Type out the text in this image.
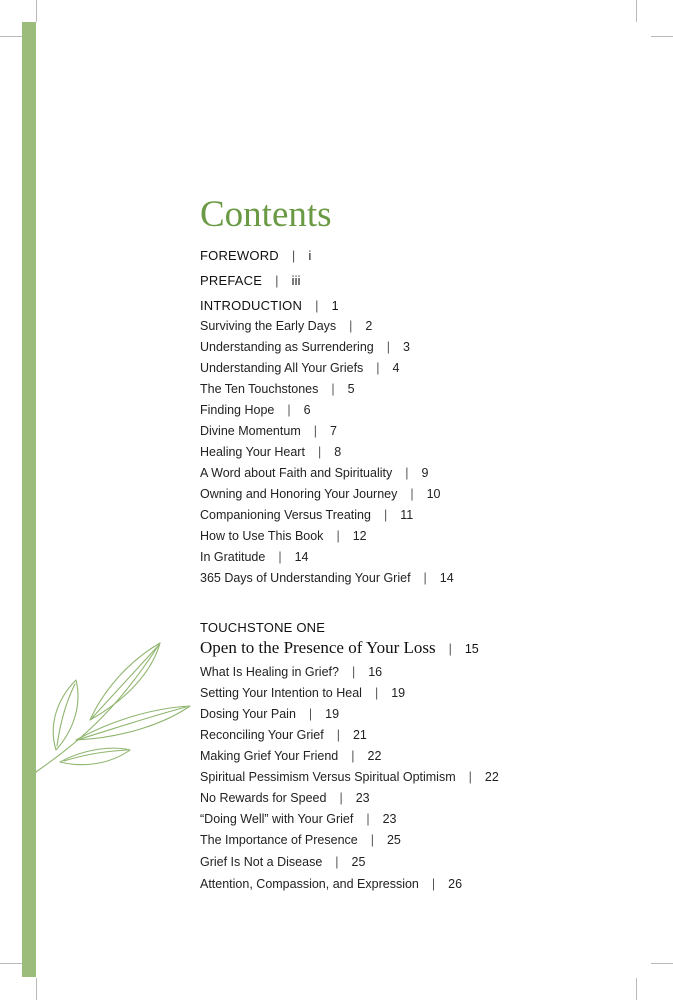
Contents
FOREWORD | i
PREFACE | iii
INTRODUCTION | 1
Surviving the Early Days | 2
Understanding as Surrendering | 3
Understanding All Your Griefs | 4
The Ten Touchstones | 5
Finding Hope | 6
Divine Momentum | 7
Healing Your Heart | 8
A Word about Faith and Spirituality | 9
Owning and Honoring Your Journey | 10
Companioning Versus Treating | 11
How to Use This Book | 12
In Gratitude | 14
365 Days of Understanding Your Grief | 14
TOUCHSTONE ONE
Open to the Presence of Your Loss | 15
What Is Healing in Grief? | 16
Setting Your Intention to Heal | 19
Dosing Your Pain | 19
Reconciling Your Grief | 21
Making Grief Your Friend | 22
Spiritual Pessimism Versus Spiritual Optimism | 22
No Rewards for Speed | 23
“Doing Well” with Your Grief | 23
The Importance of Presence | 25
Grief Is Not a Disease | 25
Attention, Compassion, and Expression | 26
